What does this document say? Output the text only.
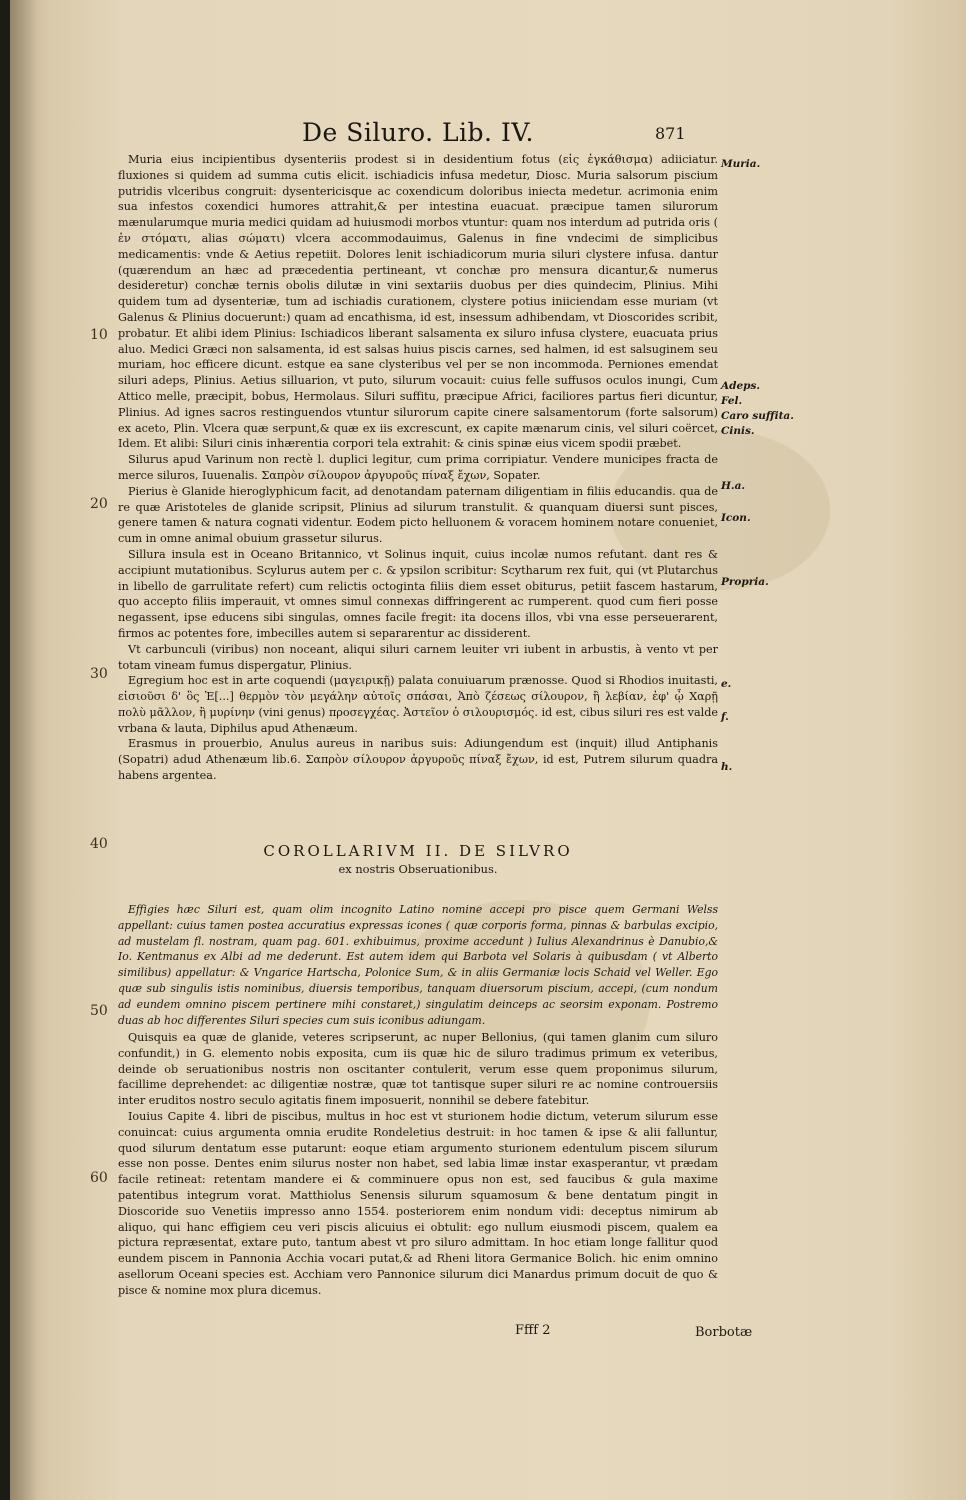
De Siluro. Lib. IV.	871

Muria eius incipientibus dysenteriis prodest si in desidentium fotus (εἰς ἐγκάθισμα) adiiciatur. fluxiones si quidem ad summa cutis elicit. ischiadicis infusa medetur, Diosc. Muria salsorum piscium putridis vlceribus congruit: dysentericisque ac coxendicum doloribus iniecta medetur. acrimonia enim sua infestos coxendici humores attrahit,& per intestina euacuat. præcipue tamen silurorum mænularumque muria medici quidam ad huiusmodi morbos vtuntur: quam nos interdum ad putrida oris ( ἐν στόματι, alias σώματι) vlcera accommodauimus, Galenus in fine vndecimi de simplicibus medicamentis: vnde & Aetius repetiit. Dolores lenit ischiadicorum muria siluri clystere infusa. dantur (quærendum an hæc ad præcedentia pertineant, vt conchæ pro mensura dicantur,& numerus desideretur) conchæ ternis obolis dilutæ in vini sextariis duobus per dies quindecim, Plinius. Mihi quidem tum ad dysenteriæ, tum ad ischiadis curationem, clystere potius iniiciendam esse muriam (vt Galenus & Plinius docuerunt:) quam ad encathisma, id est, insessum adhibendam, vt Dioscorides scribit, probatur. Et alibi idem Plinius: Ischiadicos liberant salsamenta ex siluro infusa clystere, euacuata prius aluo. Medici Græci non salsamenta, id est salsas huius piscis carnes, sed halmen, id est salsuginem seu muriam, hoc efficere dicunt. estque ea sane clysteribus vel per se non incommoda. Perniones emendat siluri adeps, Plinius. Aetius silluarion, vt puto, silurum vocauit: cuius felle suffusos oculos inungi, Cum Attico melle, præcipit, bobus, Hermolaus. Siluri suffitu, præcipue Africi, faciliores partus fieri dicuntur, Plinius. Ad ignes sacros restinguendos vtuntur silurorum capite cinere salsamentorum (forte salsorum) ex aceto, Plin. Vlcera quæ serpunt,& quæ ex iis excrescunt, ex capite mænarum cinis, vel siluri coërcet, Idem. Et alibi: Siluri cinis inhærentia corpori tela extrahit: & cinis spinæ eius vicem spodii præbet.

Silurus apud Varinum non rectè l. duplici legitur, cum prima corripiatur. Vendere municipes fracta de merce siluros, Iuuenalis. Σαπρὸν σίλουρον ἀργυροῦς πίναξ ἔχων, Sopater.

Pierius è Glanide hieroglyphicum facit, ad denotandam paternam diligentiam in filiis educandis. qua de re quæ Aristoteles de glanide scripsit, Plinius ad silurum transtulit. & quanquam diuersi sunt pisces, genere tamen & natura cognati videntur. Eodem picto helluonem & voracem hominem notare conueniet, cum in omne animal obuium grassetur silurus.

Sillura insula est in Oceano Britannico, vt Solinus inquit, cuius incolæ numos refutant. dant res & accipiunt mutationibus. Scylurus autem per c. & ypsilon scribitur: Scytharum rex fuit, qui (vt Plutarchus in libello de garrulitate refert) cum relictis octoginta filiis diem esset obiturus, petiit fascem hastarum, quo accepto filiis imperauit, vt omnes simul connexas diffringerent ac rumperent. quod cum fieri posse negassent, ipse educens sibi singulas, omnes facile fregit: ita docens illos, vbi vna esse perseuerarent, firmos ac potentes fore, imbecilles autem si separarentur ac dissiderent.

Vt carbunculi (viribus) non noceant, aliqui siluri carnem leuiter vri iubent in arbustis, à vento vt per totam vineam fumus dispergatur, Plinius.

Egregium hoc est in arte coquendi (μαγειρικῇ) palata conuiuarum prænosse. Quod si Rhodios inuitasti, εἰσιοῦσι δ' ὃς Ἐ[...] θερμὸν τὸν μεγάλην αὐτοῖς σπάσαι, Ἀπὸ ζέσεως σίλουρον, ἢ λεβίαν, ἐφ' ᾧ Χαρῇ πολὺ μᾶλλον, ἢ μυρίνην (vini genus) προσεγχέας. Ἀστεῖον ὁ σιλουρισμός. id est, cibus siluri res est valde vrbana & lauta, Diphilus apud Athenæum.

Erasmus in prouerbio, Anulus aureus in naribus suis: Adiungendum est (inquit) illud Antiphanis (Sopatri) adud Athenæum lib.6. Σαπρὸν σίλουρον ἀργυροῦς πίναξ ἔχων, id est, Putrem silurum quadra habens argentea.

COROLLARIVM II. DE SILVRO
ex nostris Obseruationibus.

Effigies hæc Siluri est, quam olim incognito Latino nomine accepi pro pisce quem Germani Welss appellant: cuius tamen postea accuratius expressas icones ( quæ corporis forma, pinnas & barbulas excipio, ad mustelam fl. nostram, quam pag. 601. exhibuimus, proxime accedunt ) Iulius Alexandrinus è Danubio,& Io. Kentmanus ex Albi ad me dederunt. Est autem idem qui Barbota vel Solaris à quibusdam ( vt Alberto similibus) appellatur: & Vngarice Hartscha, Polonice Sum, & in aliis Germaniæ locis Schaid vel Weller. Ego quæ sub singulis istis nominibus, diuersis temporibus, tanquam diuersorum piscium, accepi, (cum nondum ad eundem omnino piscem pertinere mihi constaret,) singulatim deinceps ac seorsim exponam. Postremo duas ab hoc differentes Siluri species cum suis iconibus adiungam.

Quisquis ea quæ de glanide, veteres scripserunt, ac nuper Bellonius, (qui tamen glanim cum siluro confundit,) in G. elemento nobis exposita, cum iis quæ hic de siluro tradimus primum ex veteribus, deinde ob seruationibus nostris non oscitanter contulerit, verum esse quem proponimus silurum, facillime deprehendet: ac diligentiæ nostræ, quæ tot tantisque super siluri re ac nomine controuersiis inter eruditos nostro seculo agitatis finem imposuerit, nonnihil se debere fatebitur.

Iouius Capite 4. libri de piscibus, multus in hoc est vt sturionem hodie dictum, veterum silurum esse conuincat: cuius argumenta omnia erudite Rondeletius destruit: in hoc tamen & ipse & alii falluntur, quod silurum dentatum esse putarunt: eoque etiam argumento sturionem edentulum piscem silurum esse non posse. Dentes enim silurus noster non habet, sed labia limæ instar exasperantur, vt prædam facile retineat: retentam mandere ei & comminuere opus non est, sed faucibus & gula maxime patentibus integrum vorat. Matthiolus Senensis silurum squamosum & bene dentatum pingit in Dioscoride suo Venetiis impresso anno 1554. posteriorem enim nondum vidi: deceptus nimirum ab aliquo, qui hanc effigiem ceu veri piscis alicuius ei obtulit: ego nullum eiusmodi piscem, qualem ea pictura repræsentat, extare puto, tantum abest vt pro siluro admittam. In hoc etiam longe fallitur quod eundem piscem in Pannonia Acchia vocari putat,& ad Rheni litora Germanice Bolich. hic enim omnino asellorum Oceani species est. Acchiam vero Pannonice silurum dici Manardus primum docuit de quo & pisce & nomine mox plura dicemus.

Muria.
Adeps.
Fel.
Caro suffita.
Cinis.
H.a.
Icon.
Propria.
e.
f.
h.
10
20
30
40
50
60
Ffff 2	Borbotæ
